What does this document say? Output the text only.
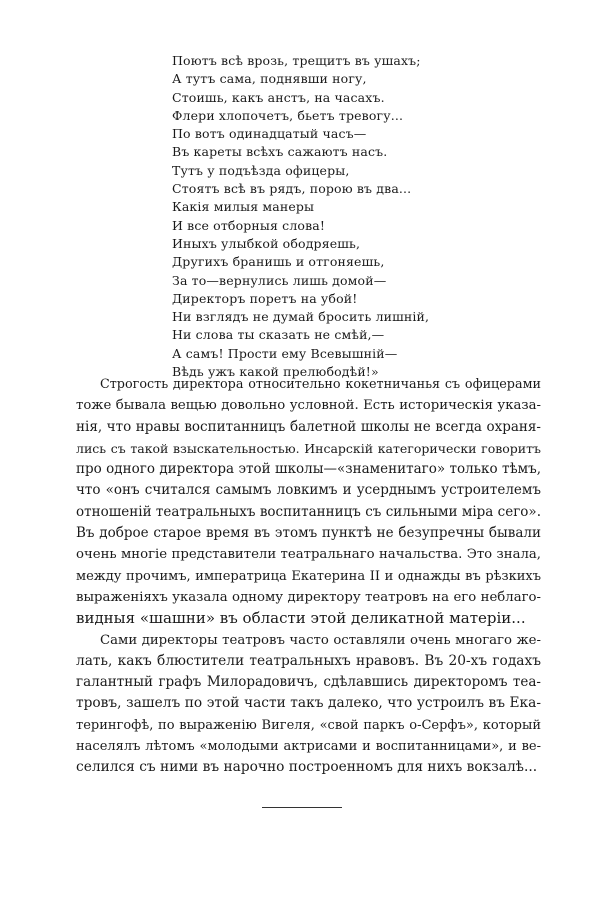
Поютъ всѣ врозь, трещитъ въ ушахъ;
А тутъ сама, поднявши ногу,
Стоишь, какъ анстъ, на часахъ.
Флери хлопочетъ, бьетъ тревогу...
По вотъ одинадцатый часъ—
Въ кареты всѣхъ сажаютъ насъ.
Тутъ у подъѣзда офицеры,
Стоятъ всѣ въ рядъ, порою въ два...
Какія милыя манеры
И все отборныя слова!
Иныхъ улыбкой ободряешь,
Другихъ бранишь и отгоняешь,
За то—вернулись лишь домой—
Директоръ поретъ на убой!
Ни взглядъ не думай бросить лишній,
Ни слова ты сказать не смѣй,—
А самъ! Прости ему Всевышній—
Вѣдь ужъ какой прелюбодѣй!»

Строгость директора относительно кокетничанья съ офицерами
тоже бывала вещью довольно условной. Есть историческія указа-
нія, что нравы воспитанницъ балетной школы не всегда охраня-
лись съ такой взыскательностью. Инсарскій категорически говоритъ
про одного директора этой школы—«знаменитаго» только тѣмъ,
что «онъ считался самымъ ловкимъ и усерднымъ устроителемъ
отношеній театральныхъ воспитанницъ съ сильными міра сего».
Въ доброе старое время въ этомъ пунктѣ не безупречны бывали
очень многіе представители театральнаго начальства. Это знала,
между прочимъ, императрица Екатерина II и однажды въ рѣзкихъ
выраженіяхъ указала одному директору театровъ на его неблаго-
видныя «шашни» въ области этой деликатной матеріи...

Сами директоры театровъ часто оставляли очень многаго же-
лать, какъ блюстители театральныхъ нравовъ. Въ 20-хъ годахъ
галантный графъ Милорадовичъ, сдѣлавшись директоромъ теа-
тровъ, зашелъ по этой части такъ далеко, что устроилъ въ Ека-
терингофѣ, по выраженію Вигеля, «свой паркъ о-Серфъ», который
населялъ лѣтомъ «молодыми актрисами и воспитанницами», и ве-
селился съ ними въ нарочно построенномъ для нихъ вокзалѣ...
